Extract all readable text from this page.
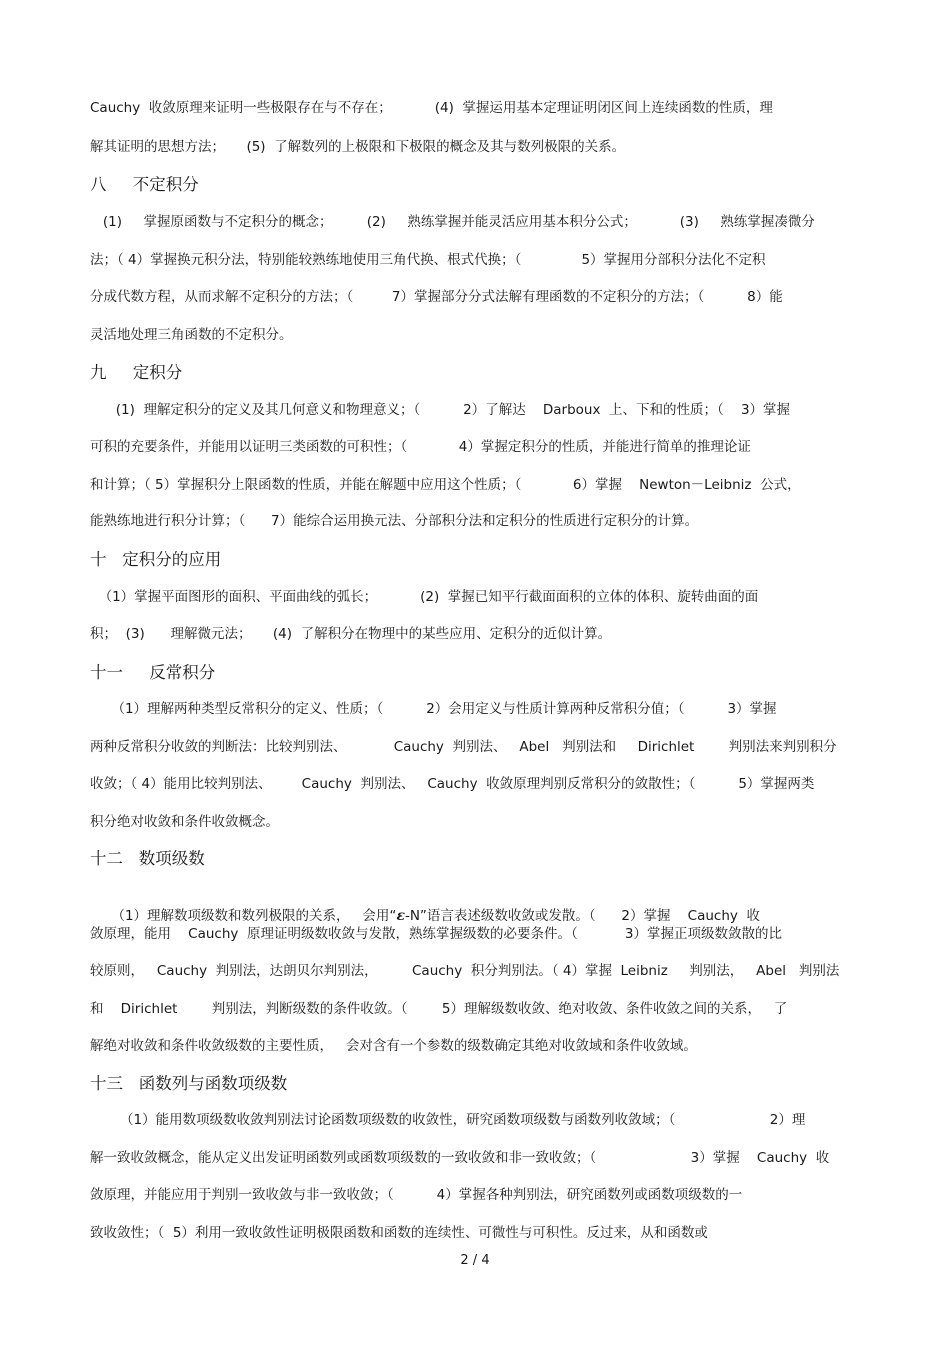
Cauchy  收敛原理来证明一些极限存在与不存在；          (4)  掌握运用基本定理证明闭区间上连续函数的性质，理
解其证明的思想方法；     (5)  了解数列的上极限和下极限的概念及其与数列极限的关系。
八     不定积分
(1)     掌握原函数与不定积分的概念；        (2)     熟练掌握并能灵活应用基本积分公式；          (3)     熟练掌握凑微分
法；（ 4）掌握换元积分法，特别能较熟练地使用三角代换、根式代换；（              5）掌握用分部积分法化不定积
分成代数方程，从而求解不定积分的方法；（         7）掌握部分分式法解有理函数的不定积分的方法；（          8）能
灵活地处理三角函数的不定积分。
九     定积分
(1)  理解定积分的定义及其几何意义和物理意义；（          2）了解达    Darboux  上、下和的性质；（    3）掌握
可积的充要条件，并能用以证明三类函数的可积性；（            4）掌握定积分的性质，并能进行简单的推理论证
和计算；（ 5）掌握积分上限函数的性质，并能在解题中应用这个性质；（            6）掌握    Newton－Leibniz  公式，
能熟练地进行积分计算；（      7）能综合运用换元法、分部积分法和定积分的性质进行定积分的计算。
十   定积分的应用
（1）掌握平面图形的面积、平面曲线的弧长；          (2)  掌握已知平行截面面积的立体的体积、旋转曲面的面
积；  (3)      理解微元法；     (4)  了解积分在物理中的某些应用、定积分的近似计算。
十一     反常积分
（1）理解两种类型反常积分的定义、性质；（          2）会用定义与性质计算两种反常积分值；（          3）掌握
两种反常积分收敛的判断法：比较判别法、           Cauchy  判别法、   Abel   判别法和     Dirichlet        判别法来判别积分
收敛；（ 4）能用比较判别法、       Cauchy  判别法、   Cauchy  收敛原理判别反常积分的敛散性；（          5）掌握两类
积分绝对收敛和条件收敛概念。
十二   数项级数

（1）理解数项级数和数列极限的关系，   会用“ε-N”语言表述级数收敛或发散。（      2）掌握    Cauchy  收

敛原理，能用    Cauchy  原理证明级数收敛与发散，熟练掌握级数的必要条件。（           3）掌握正项级数敛散的比
较原则，   Cauchy  判别法，达朗贝尔判别法，        Cauchy  积分判别法。（ 4）掌握  Leibniz     判别法，   Abel   判别法
和    Dirichlet        判别法，判断级数的条件收敛。（        5）理解级数收敛、绝对收敛、条件收敛之间的关系，   了
解绝对收敛和条件收敛级数的主要性质，   会对含有一个参数的级数确定其绝对收敛域和条件收敛域。
十三   函数列与函数项级数
（1）能用数项级数收敛判别法讨论函数项级数的收敛性，研究函数项级数与函数列收敛域；（                      2）理
解一致收敛概念，能从定义出发证明函数列或函数项级数的一致收敛和非一致收敛；（                      3）掌握    Cauchy  收
敛原理，并能应用于判别一致收敛与非一致收敛；（          4）掌握各种判别法，研究函数列或函数项级数的一
致收敛性；（  5）利用一致收敛性证明极限函数和函数的连续性、可微性与可积性。反过来，从和函数或
2 / 4
